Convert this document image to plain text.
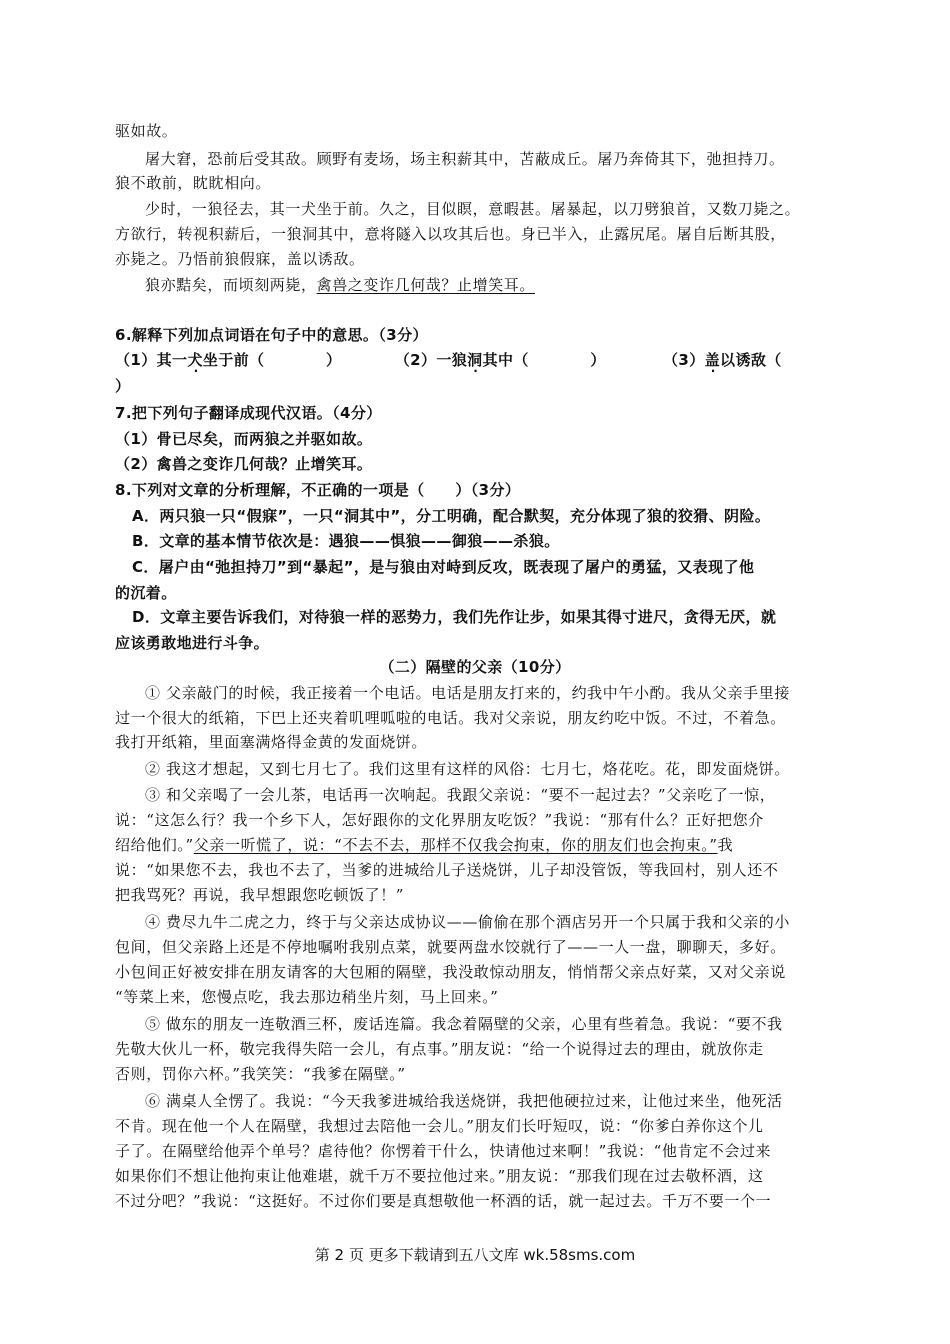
驱如故。
屠大窘，恐前后受其敌。顾野有麦场，场主积薪其中，苫蔽成丘。屠乃奔倚其下，弛担持刀。
狼不敢前，眈眈相向。
少时，一狼径去，其一犬坐于前。久之，目似瞑，意暇甚。屠暴起，以刀劈狼首，又数刀毙之。
方欲行，转视积薪后，一狼洞其中，意将隧入以攻其后也。身已半入，止露尻尾。屠自后断其股，
亦毙之。乃悟前狼假寐，盖以诱敌。
狼亦黠矣，而顷刻两毙，禽兽之变诈几何哉？止增笑耳。
6.解释下列加点词语在句子中的意思。（3分）
（1）其一犬坐于前（　　　　）	（2）一狼洞其中（　　　　）	（3）盖以诱敌（
）
7.把下列句子翻译成现代汉语。（4分）
（1）骨已尽矣，而两狼之并驱如故。
（2）禽兽之变诈几何哉？止增笑耳。
8.下列对文章的分析理解，不正确的一项是（　　）（3分）
A．两只狼一只“假寐”，一只“洞其中”，分工明确，配合默契，充分体现了狼的狡猾、阴险。
B．文章的基本情节依次是：遇狼——惧狼——御狼——杀狼。
C．屠户由“弛担持刀”到“暴起”，是与狼由对峙到反攻，既表现了屠户的勇猛，又表现了他
的沉着。
D．文章主要告诉我们，对待狼一样的恶势力，我们先作让步，如果其得寸进尺，贪得无厌，就
应该勇敢地进行斗争。
（二）隔壁的父亲（10分）
① 父亲敲门的时候，我正接着一个电话。电话是朋友打来的，约我中午小酌。我从父亲手里接
过一个很大的纸箱，下巴上还夹着叽哩呱啦的电话。我对父亲说，朋友约吃中饭。不过，不着急。
我打开纸箱，里面塞满烙得金黄的发面烧饼。
② 我这才想起，又到七月七了。我们这里有这样的风俗：七月七，烙花吃。花，即发面烧饼。
③ 和父亲喝了一会儿茶，电话再一次响起。我跟父亲说：“要不一起过去？”父亲吃了一惊，
说：“这怎么行？我一个乡下人，怎好跟你的文化界朋友吃饭？”我说：“那有什么？正好把您介
绍给他们。”父亲一听慌了，说：“不去不去，那样不仅我会拘束，你的朋友们也会拘束。”我
说：“如果您不去，我也不去了，当爹的进城给儿子送烧饼，儿子却没管饭，等我回村，别人还不
把我骂死？再说，我早想跟您吃顿饭了！”
④ 费尽九牛二虎之力，终于与父亲达成协议——偷偷在那个酒店另开一个只属于我和父亲的小
包间，但父亲路上还是不停地嘱咐我别点菜，就要两盘水饺就行了——一人一盘，聊聊天，多好。
小包间正好被安排在朋友请客的大包厢的隔壁，我没敢惊动朋友，悄悄帮父亲点好菜，又对父亲说
“等菜上来，您慢点吃，我去那边稍坐片刻，马上回来。”
⑤ 做东的朋友一连敬酒三杯，废话连篇。我念着隔壁的父亲，心里有些着急。我说：“要不我
先敬大伙儿一杯，敬完我得失陪一会儿，有点事。”朋友说：“给一个说得过去的理由，就放你走
否则，罚你六杯。”我笑笑：“我爹在隔壁。”
⑥ 满桌人全愣了。我说：“今天我爹进城给我送烧饼，我把他硬拉过来，让他过来坐，他死活
不肯。现在他一个人在隔壁，我想过去陪他一会儿。”朋友们长吁短叹，说：“你爹白养你这个儿
子了。在隔壁给他弄个单号？虐待他？你愣着干什么，快请他过来啊！”我说：“他肯定不会过来
如果你们不想让他拘束让他难堪，就千万不要拉他过来。”朋友说：“那我们现在过去敬杯酒，这
不过分吧？”我说：“这挺好。不过你们要是真想敬他一杯酒的话，就一起过去。千万不要一个一
第 2 页 更多下载请到五八文库 wk.58sms.com
